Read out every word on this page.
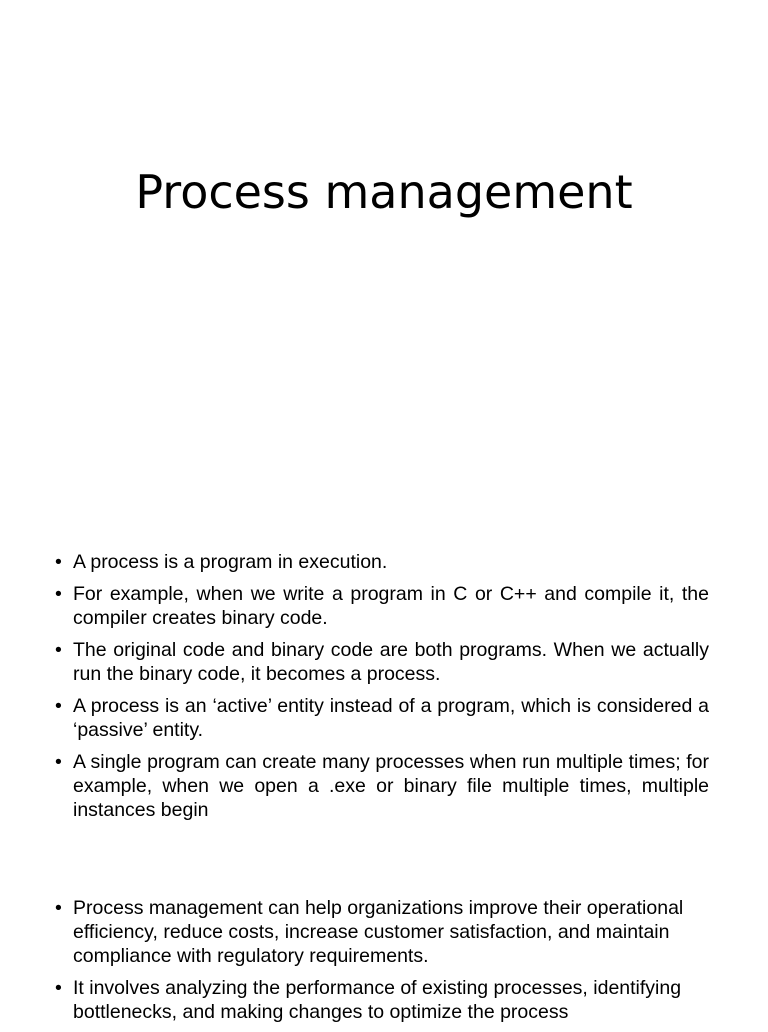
Process management
• A process is a program in execution.
• For example, when we write a program in C or C++ and compile it, the compiler creates binary code.
• The original code and binary code are both programs. When we actually run the binary code, it becomes a process.
• A process is an ‘active’ entity instead of a program, which is considered a ‘passive’ entity.
• A single program can create many processes when run multiple times; for example, when we open a .exe or binary file multiple times, multiple instances begin
• Process management can help organizations improve their operational efficiency, reduce costs, increase customer satisfaction, and maintain compliance with regulatory requirements.
• It involves analyzing the performance of existing processes, identifying bottlenecks, and making changes to optimize the process
